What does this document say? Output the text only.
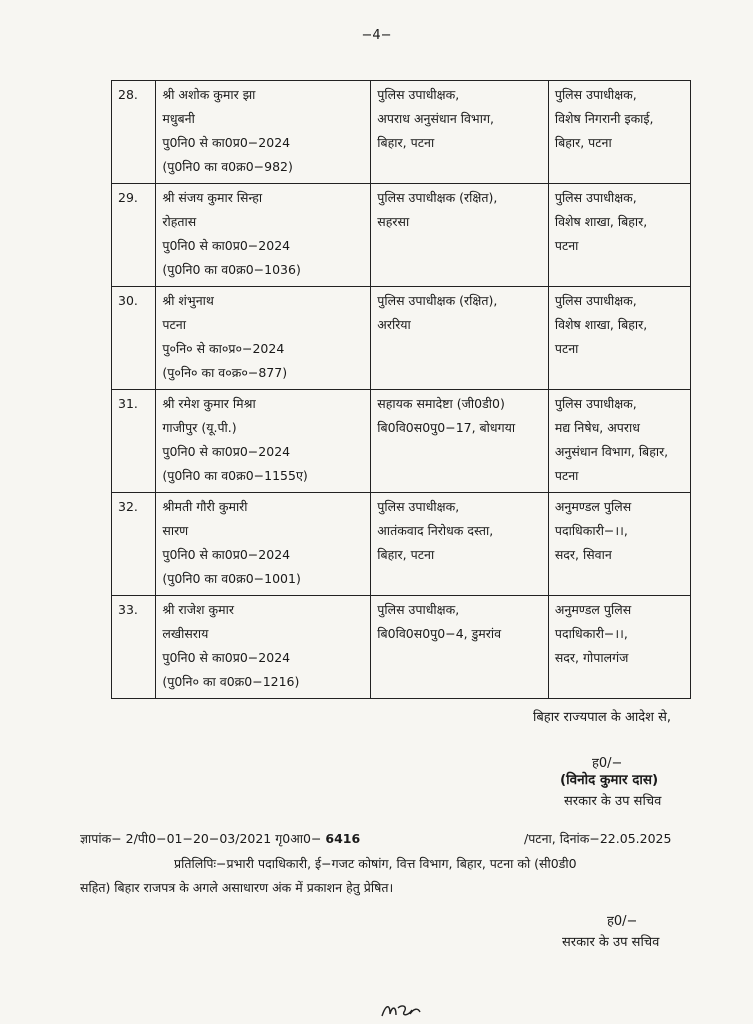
−4−
28.	श्री अशोक कुमार झा
मधुबनी
पु0नि0 से का0प्र0−2024
(पु0नि0 का व0क्र0−982)	पुलिस उपाधीक्षक,
अपराध अनुसंधान विभाग,
बिहार, पटना	पुलिस उपाधीक्षक,
विशेष निगरानी इकाई,
बिहार, पटना

29.	श्री संजय कुमार सिन्हा
रोहतास
पु0नि0 से का0प्र0−2024
(पु0नि0 का व0क्र0−1036)	पुलिस उपाधीक्षक (रक्षित),
सहरसा	पुलिस उपाधीक्षक,
विशेष शाखा, बिहार,
पटना

30.	श्री शंभुनाथ
पटना
पु०नि० से का०प्र०−2024
(पु०नि० का व०क्र०−877)	पुलिस उपाधीक्षक (रक्षित),
अररिया	पुलिस उपाधीक्षक,
विशेष शाखा, बिहार,
पटना

31.	श्री रमेश कुमार मिश्रा
गाजीपुर (यू.पी.)
पु0नि0 से का0प्र0−2024
(पु0नि0 का व0क्र0−1155ए)	सहायक समादेष्टा (जी0डी0)
बि0वि0स0पु0−17, बोधगया	पुलिस उपाधीक्षक,
मद्य निषेध, अपराध
अनुसंधान विभाग, बिहार,
पटना

32.	श्रीमती गौरी कुमारी
सारण
पु0नि0 से का0प्र0−2024
(पु0नि0 का व0क्र0−1001)	पुलिस उपाधीक्षक,
आतंकवाद निरोधक दस्ता,
बिहार, पटना	अनुमण्डल पुलिस
पदाधिकारी−।।,
सदर, सिवान

33.	श्री राजेश कुमार
लखीसराय
पु0नि0 से का0प्र0−2024
(पु0नि० का व0क्र0−1216)	पुलिस उपाधीक्षक,
बि0वि0स0पु0−4, डुमरांव	अनुमण्डल पुलिस
पदाधिकारी−।।,
सदर, गोपालगंज
बिहार राज्यपाल के आदेश से,
ह0/−
(विनोद कुमार दास)
सरकार के उप सचिव
ज्ञापांक− 2/पी0−01−20−03/2021 गृ0आ0− 6416	/पटना, दिनांक−22.05.2025
प्रतिलिपिः−प्रभारी पदाधिकारी, ई−गजट कोषांग, वित्त विभाग, बिहार, पटना को (सी0डी0
सहित) बिहार राजपत्र के अगले असाधारण अंक में प्रकाशन हेतु प्रेषित।
ह0/−
सरकार के उप सचिव
